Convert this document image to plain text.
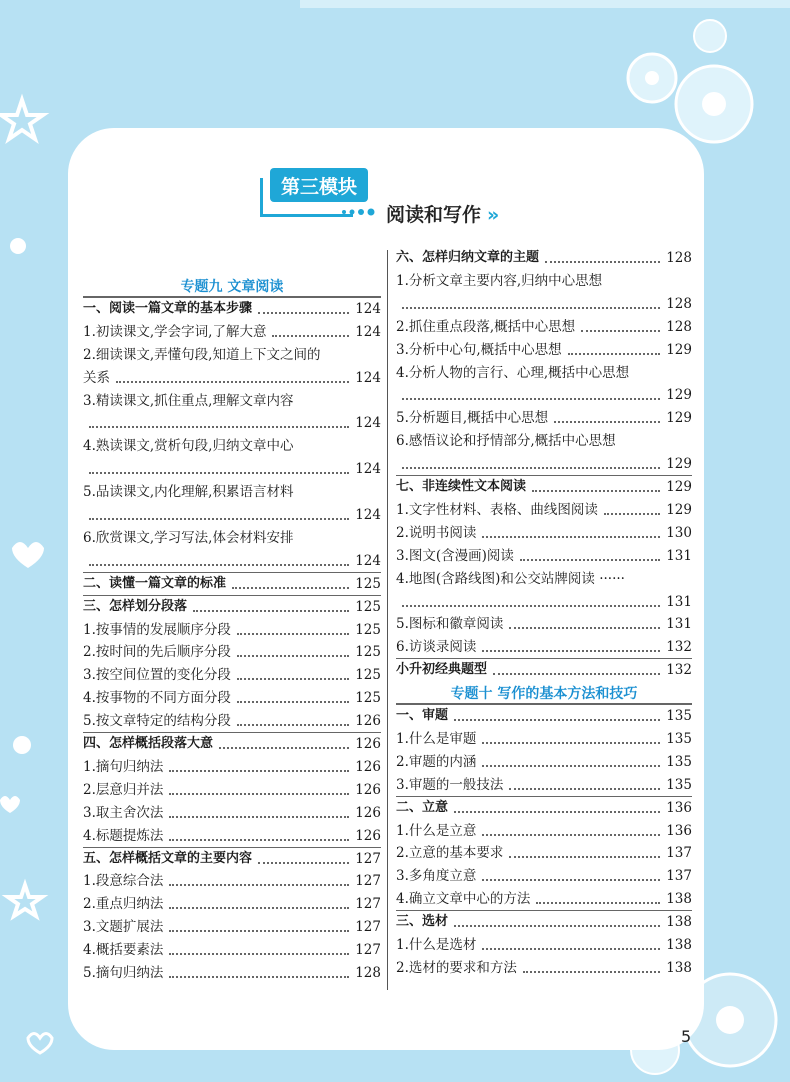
第三模块
阅读和写作 »
专题九 文章阅读
一、阅读一篇文章的基本步骤	124
1.初读课文,学会字词,了解大意	124
2.细读课文,弄懂句段,知道上下文之间的
关系	124
3.精读课文,抓住重点,理解文章内容
124
4.熟读课文,赏析句段,归纳文章中心
124
5.品读课文,内化理解,积累语言材料
124
6.欣赏课文,学习写法,体会材料安排
124
二、读懂一篇文章的标准	125
三、怎样划分段落	125
1.按事情的发展顺序分段	125
2.按时间的先后顺序分段	125
3.按空间位置的变化分段	125
4.按事物的不同方面分段	125
5.按文章特定的结构分段	126
四、怎样概括段落大意	126
1.摘句归纳法	126
2.层意归并法	126
3.取主舍次法	126
4.标题提炼法	126
五、怎样概括文章的主要内容	127
1.段意综合法	127
2.重点归纳法	127
3.文题扩展法	127
4.概括要素法	127
5.摘句归纳法	128
六、怎样归纳文章的主题	128
1.分析文章主要内容,归纳中心思想
128
2.抓住重点段落,概括中心思想	128
3.分析中心句,概括中心思想	129
4.分析人物的言行、心理,概括中心思想
129
5.分析题目,概括中心思想	129
6.感悟议论和抒情部分,概括中心思想
129
七、非连续性文本阅读	129
1.文字性材料、表格、曲线图阅读	129
2.说明书阅读	130
3.图文(含漫画)阅读	131
4.地图(含路线图)和公交站牌阅读 ······
131
5.图标和徽章阅读	131
6.访谈录阅读	132
小升初经典题型	132
专题十 写作的基本方法和技巧
一、审题	135
1.什么是审题	135
2.审题的内涵	135
3.审题的一般技法	135
二、立意	136
1.什么是立意	136
2.立意的基本要求	137
3.多角度立意	137
4.确立文章中心的方法	138
三、选材	138
1.什么是选材	138
2.选材的要求和方法	138
5
